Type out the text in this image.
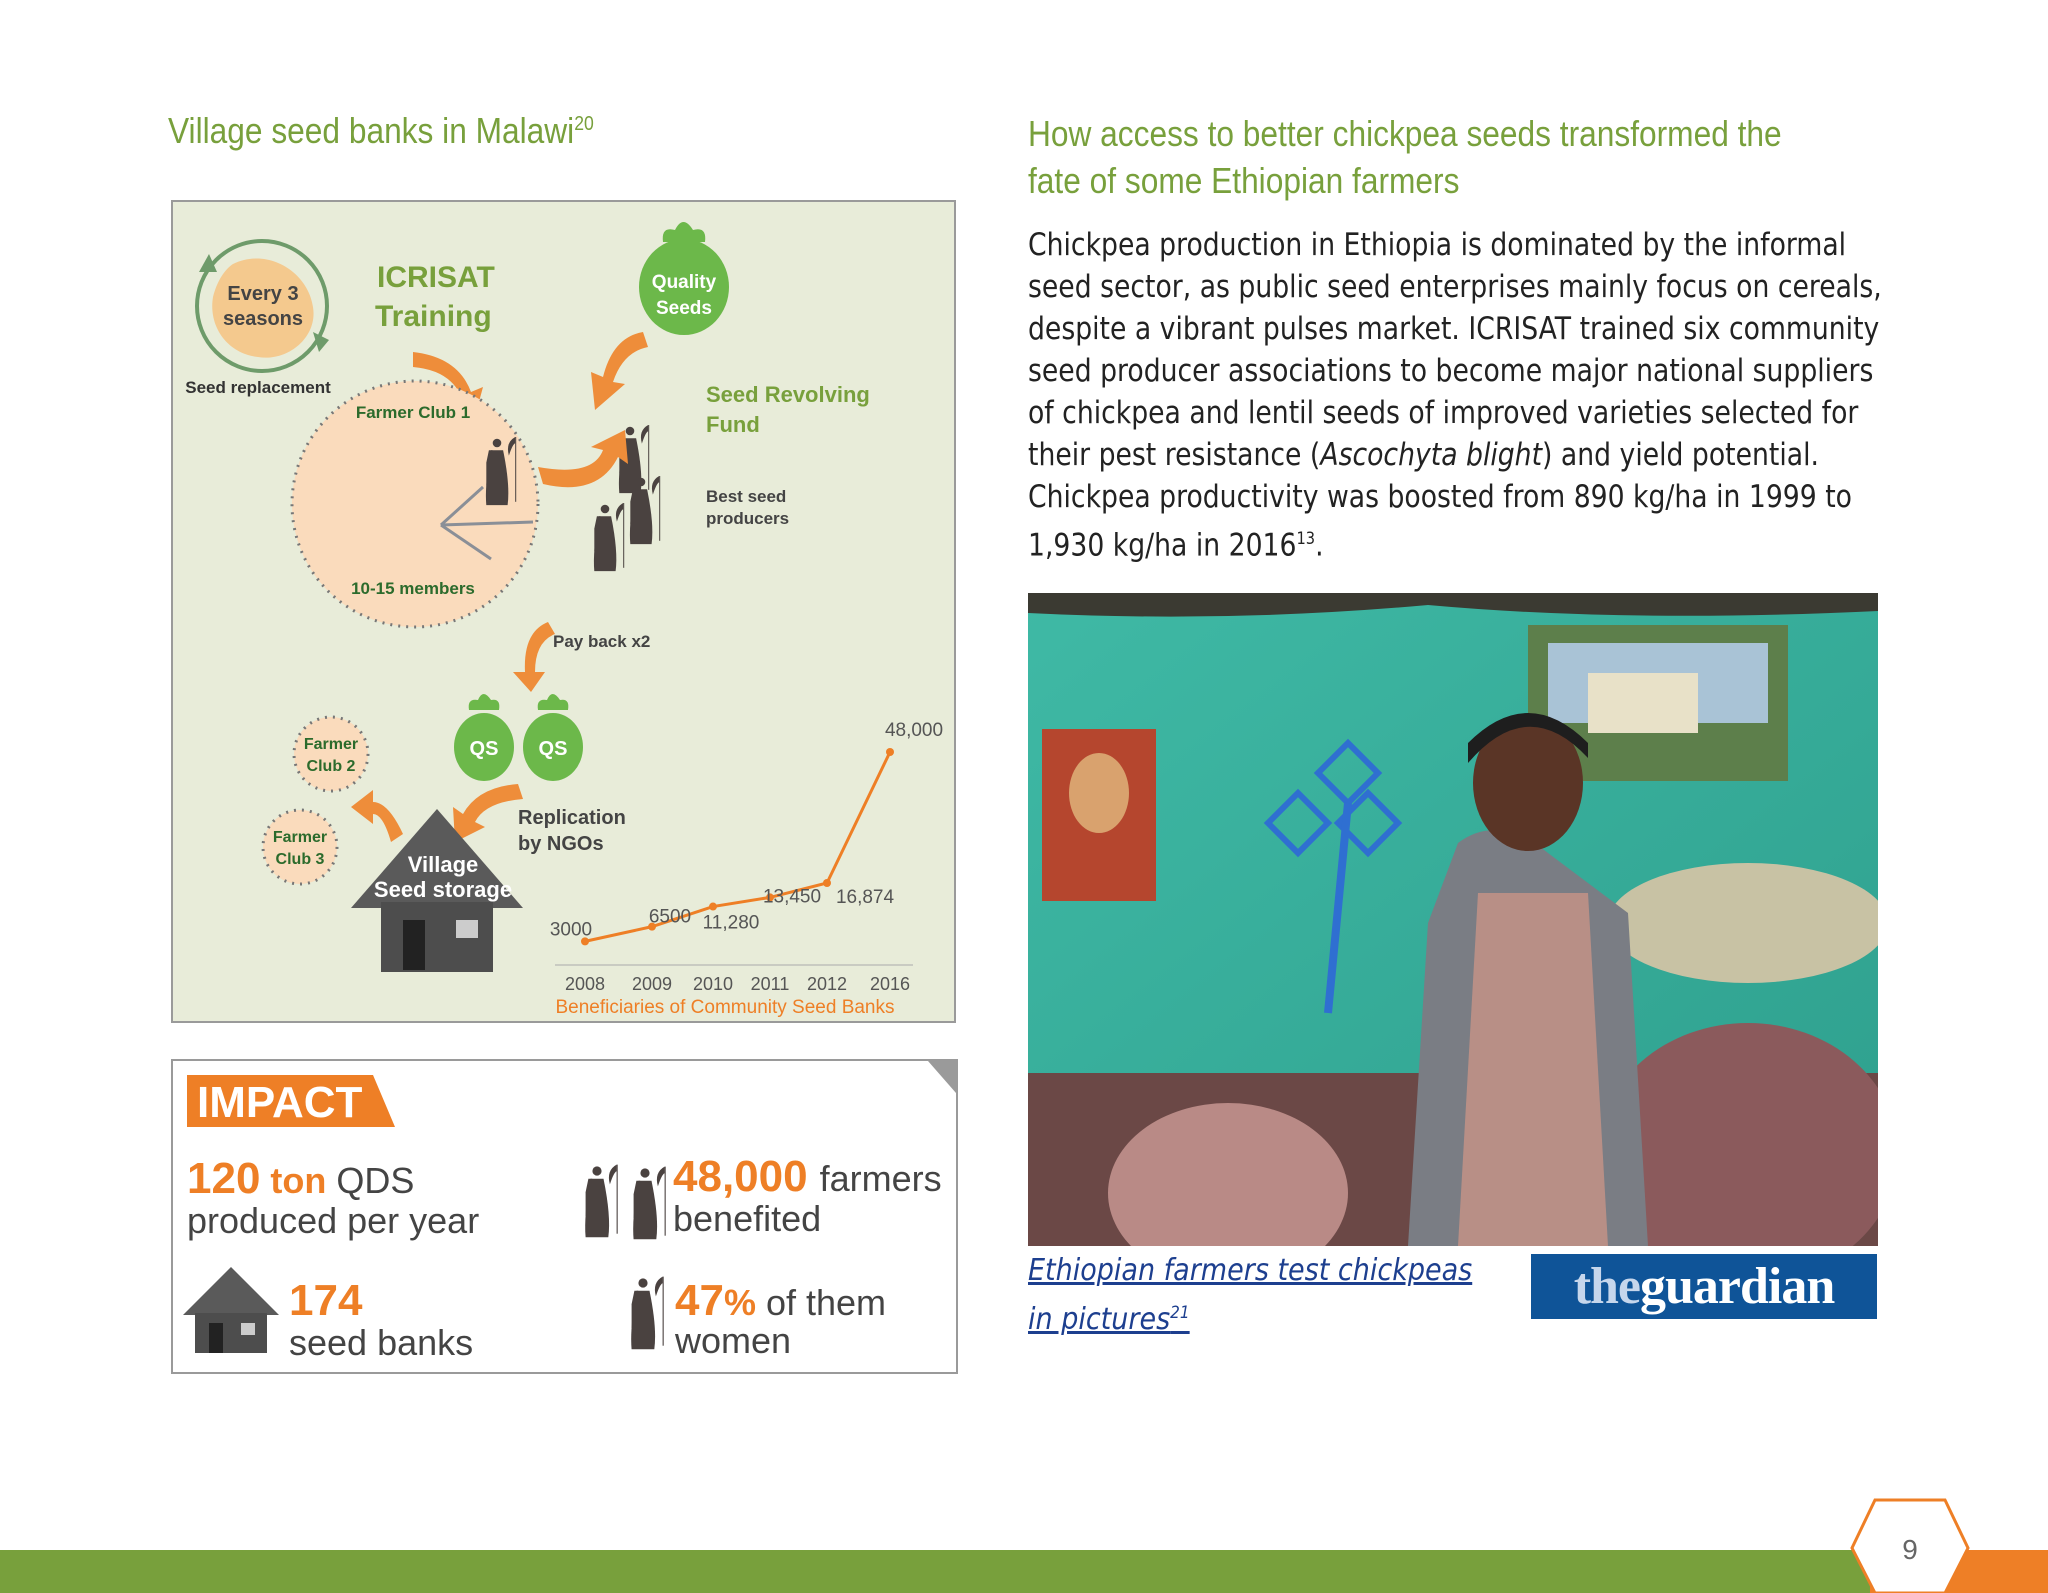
Village seed banks in Malawi$^{20}$	How access to better chickpea seeds transformed the fate of some Ethiopian farmers
Chickpea production in Ethiopia is dominated by the informal seed sector, as public seed enterprises mainly focus on cereals, despite a vibrant pulses market. ICRISAT trained six community seed producer associations to become major national suppliers of chickpea and lentil seeds of improved varieties selected for their pest resistance (Ascochyta blight) and yield potential. Chickpea productivity was boosted from 890 kg/ha in 1999 to 1,930 kg/ha in 2016$^{13}$.
Every 3
seasons
Seed replacement
ICRISAT
Training
Quality
Seeds
Farmer Club 1
10-15 members
Seed Revolving
Fund
Best seed
producers
Pay back x2
QS QS
Farmer
Club 2
Farmer
Club 3	Village
Seed storage
Replication
by NGOs
2008 2009 2010 2011 2012 2016
3000
6500 11,280
13,450 16,874
48,000
Beneficiaries of Community Seed Banks
IMPACT
120 ton QDS
produced per year
48,000 farmers
benefited
174
seed banks
47% of them
women
Ethiopian farmers test chickpeas
in pictures$^{21}$	theguardian
9
